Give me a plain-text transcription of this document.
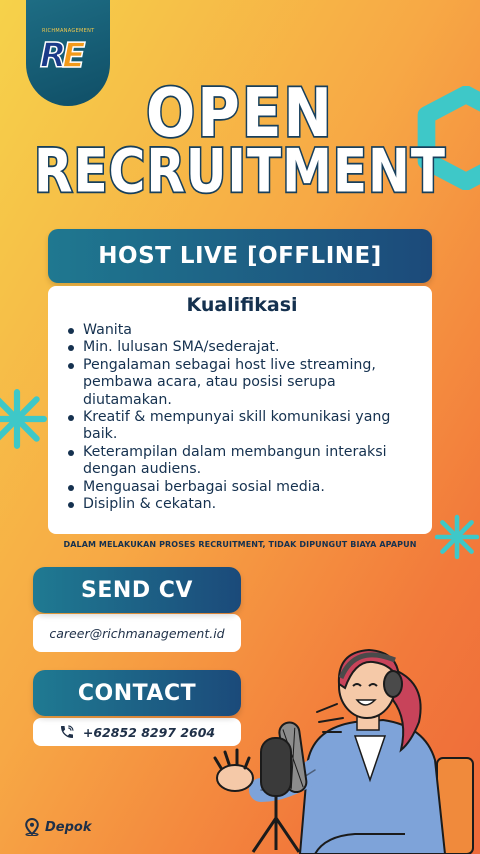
RICHMANAGEMENT
RE
OPEN
RECRUITMENT
HOST LIVE [OFFLINE]
Kualifikasi
Wanita
Min. lulusan SMA/sederajat.
Pengalaman sebagai host live streaming, pembawa acara, atau posisi serupa diutamakan.
Kreatif & mempunyai skill komunikasi yang baik.
Keterampilan dalam membangun interaksi dengan audiens.
Menguasai berbagai sosial media.
Disiplin & cekatan.
DALAM MELAKUKAN PROSES RECRUITMENT, TIDAK DIPUNGUT BIAYA APAPUN
SEND CV
career@richmanagement.id
CONTACT
+62852 8297 2604
Depok
